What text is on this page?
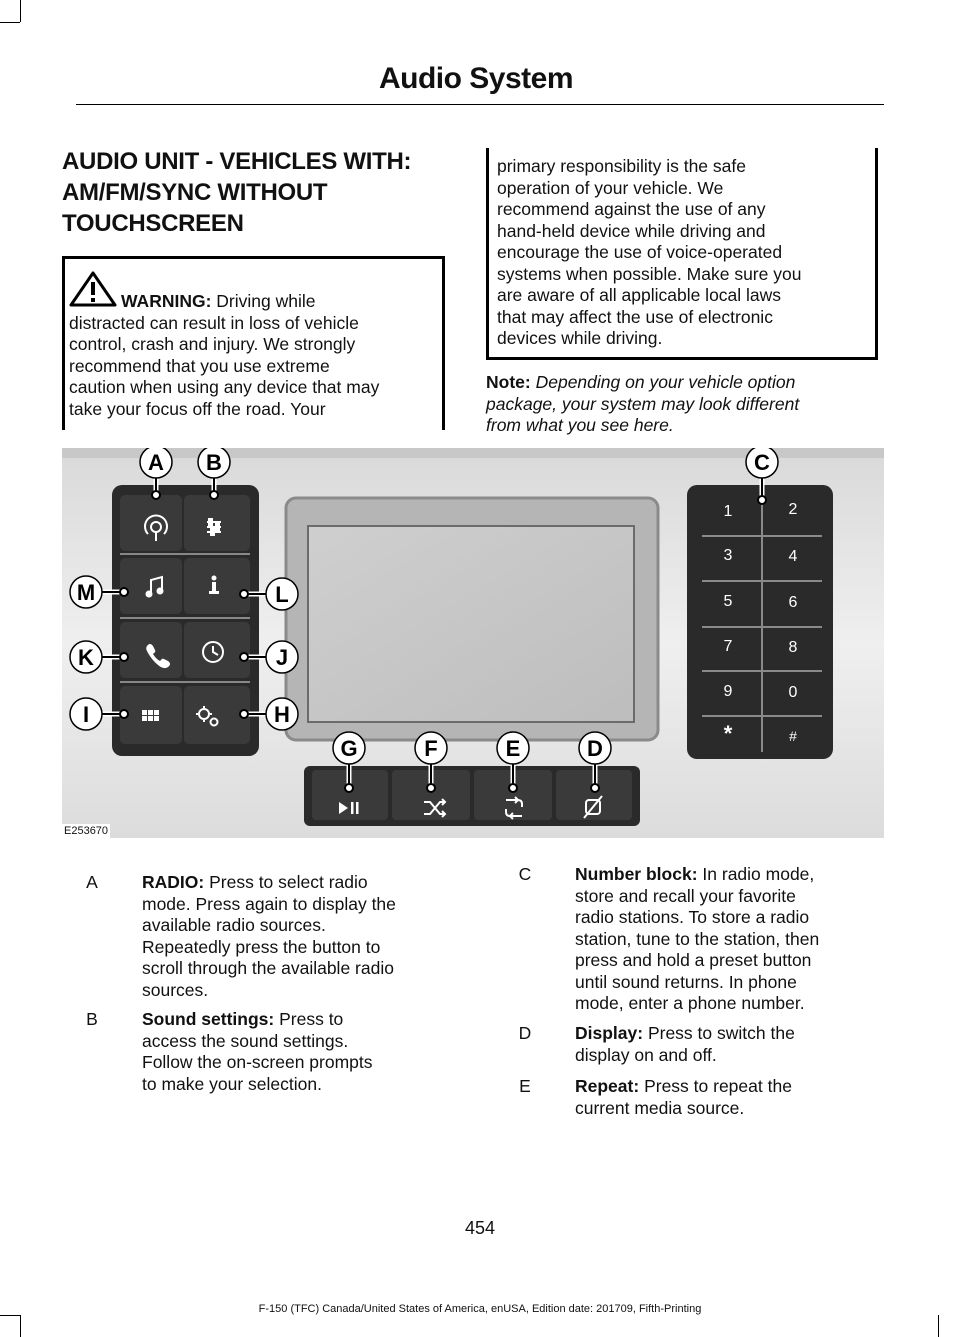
Audio System
AUDIO UNIT - VEHICLES WITH:
AM/FM/SYNC WITHOUT
TOUCHSCREEN
WARNING: Driving while
distracted can result in loss of vehicle
control, crash and injury. We strongly
recommend that you use extreme
caution when using any device that may
take your focus off the road. Your
primary responsibility is the safe
operation of your vehicle. We
recommend against the use of any
hand-held device while driving and
encourage the use of voice-operated
systems when possible. Make sure you
are aware of all applicable local laws
that may affect the use of electronic
devices while driving.
Note: Depending on your vehicle option
package, your system may look different
from what you see here.
1	2
3	4
5	6
7	8
9	0
*	#
A B	C
D
E
F
G
H
I
J
K
L
M
E253670
A	RADIO: Press to select radio
mode. Press again to display the
available radio sources.
Repeatedly press the button to
scroll through the available radio
sources.
B	Sound settings: Press to
access the sound settings.
Follow the on-screen prompts
to make your selection.
C	Number block: In radio mode,
store and recall your favorite
radio stations. To store a radio
station, tune to the station, then
press and hold a preset button
until sound returns. In phone
mode, enter a phone number.
D	Display: Press to switch the
display on and off.
E	Repeat: Press to repeat the
current media source.
454
F-150 (TFC) Canada/United States of America, enUSA, Edition date: 201709, Fifth-Printing
